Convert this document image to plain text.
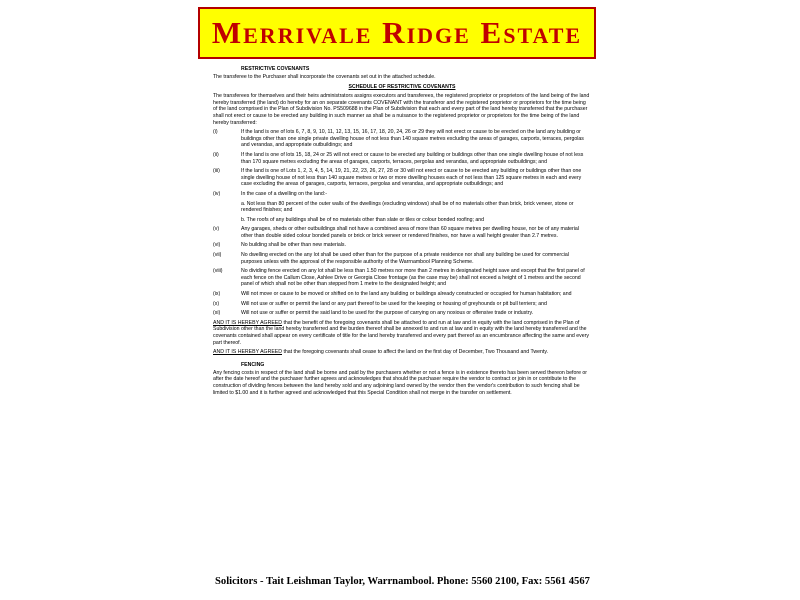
Merrivale Ridge Estate
RESTRICTIVE COVENANTS

The transferee to the Purchaser shall incorporate the covenants set out in the attached schedule.

SCHEDULE OF RESTRICTIVE COVENANTS

The transferees for themselves and their heirs administrators assigns executors and transferees, the registered proprietor or proprietors of the land being of the land hereby transferred (the land) do hereby for an on separate covenants COVENANT with the transferor and the registered proprietor or proprietors for the time being of the land comprised in the Plan of Subdivision No. PS509688 in the Plan of Subdivision that each and every part of the land hereby transferred that the purchaser shall not erect or cause to be erected any building in such manner as shall be a nuisance to the registered proprietor or proprietors for the time being of the land hereby transferred:

(i)	If the land is one of lots 6, 7, 8, 9, 10, 11, 12, 13, 15, 16, 17, 18, 20, 24, 26 or 29 they will not erect or cause to be erected on the land any building or buildings other than one single private dwelling house of not less than 140 square metres excluding the areas of garages, carports, terraces, pergolas and verandas, and appropriate outbuildings; and
(ii)	If the land is one of lots 15, 18, 24 or 25 will not erect or cause to be erected any building or buildings other than one single dwelling house of not less than 170 square metres excluding the areas of garages, carports, terraces, pergolas and verandas, and appropriate outbuildings; and
(iii)	If the land is one of Lots 1, 2, 3, 4, 5, 14, 19, 21, 22, 23, 26, 27, 28 or 30 will not erect or cause to be erected any building or buildings other than one single dwelling house of not less than 140 square metres or two or more dwelling houses each of not less than 125 square metres in each and every case excluding the areas of garages, carports, terraces, pergolas and verandas, and appropriate outbuildings; and
(iv)	In the case of a dwelling on the land:-
a. Not less than 80 percent of the outer walls of the dwellings (excluding windows) shall be of no materials other than brick, brick veneer, stone or rendered finishes; and
b. The roofs of any buildings shall be of no materials other than slate or tiles or colour bonded roofing; and
(v)	Any garages, sheds or other outbuildings shall not have a combined area of more than 60 square metres per dwelling house, nor be of any material other than double sided colour bonded panels or brick or brick veneer or rendered finishes, nor have a wall height greater than 2.7 metres.
(vi)	No building shall be other than new materials.
(vii)	No dwelling erected on the any lot shall be used other than for the purpose of a private residence nor shall any building be used for commercial purposes unless with the approval of the responsible authority of the Warrnambool Planning Scheme.
(viii)	No dividing fence erected on any lot shall be less than 1.50 metres nor more than 2 metres in designated height save and except that the first panel of each fence on the Callum Close, Ashlee Drive or Georgia Close frontage (as the case may be) shall not exceed a height of 1 metres and the second panel of which shall not be other than stepped from 1 metre to the designated height; and
(ix)	Will not move or cause to be moved or shifted on to the land any building or buildings already constructed or occupied for human habitation; and
(x)	Will not use or suffer or permit the land or any part thereof to be used for the keeping or housing of greyhounds or pit bull terriers; and
(xi)	Will not use or suffer or permit the said land to be used for the purpose of carrying on any noxious or offensive trade or industry.

AND IT IS HEREBY AGREED that the benefit of the foregoing covenants shall be attached to and run at law and in equity with the land comprised in the Plan of Subdivision other than the land hereby transferred and the burden thereof shall be annexed to and run at law and in equity with the land hereby transferred and the covenants contained shall appear on every certificate of title for the land hereby transferred and every part thereof as an encumbrance affecting the same and every part thereof.

AND IT IS HEREBY AGREED that the foregoing covenants shall cease to affect the land on the first day of December, Two Thousand and Twenty.

FENCING

Any fencing costs in respect of the land shall be borne and paid by the purchasers whether or not a fence is in existence thereto has been served thereon before or after the date hereof and the purchaser further agrees and acknowledges that should the purchaser require the vendor to contract or join in or contribute to the construction of dividing fences between the land hereby sold and any adjoining land owned by the vendor then the vendor's contribution to such fencing shall be limited to $1.00 and it is further agreed and acknowledged that this Special Condition shall not merge in the transfer on settlement.

Solicitors - Tait Leishman Taylor, Warrnambool. Phone: 5560 2100, Fax: 5561 4567
